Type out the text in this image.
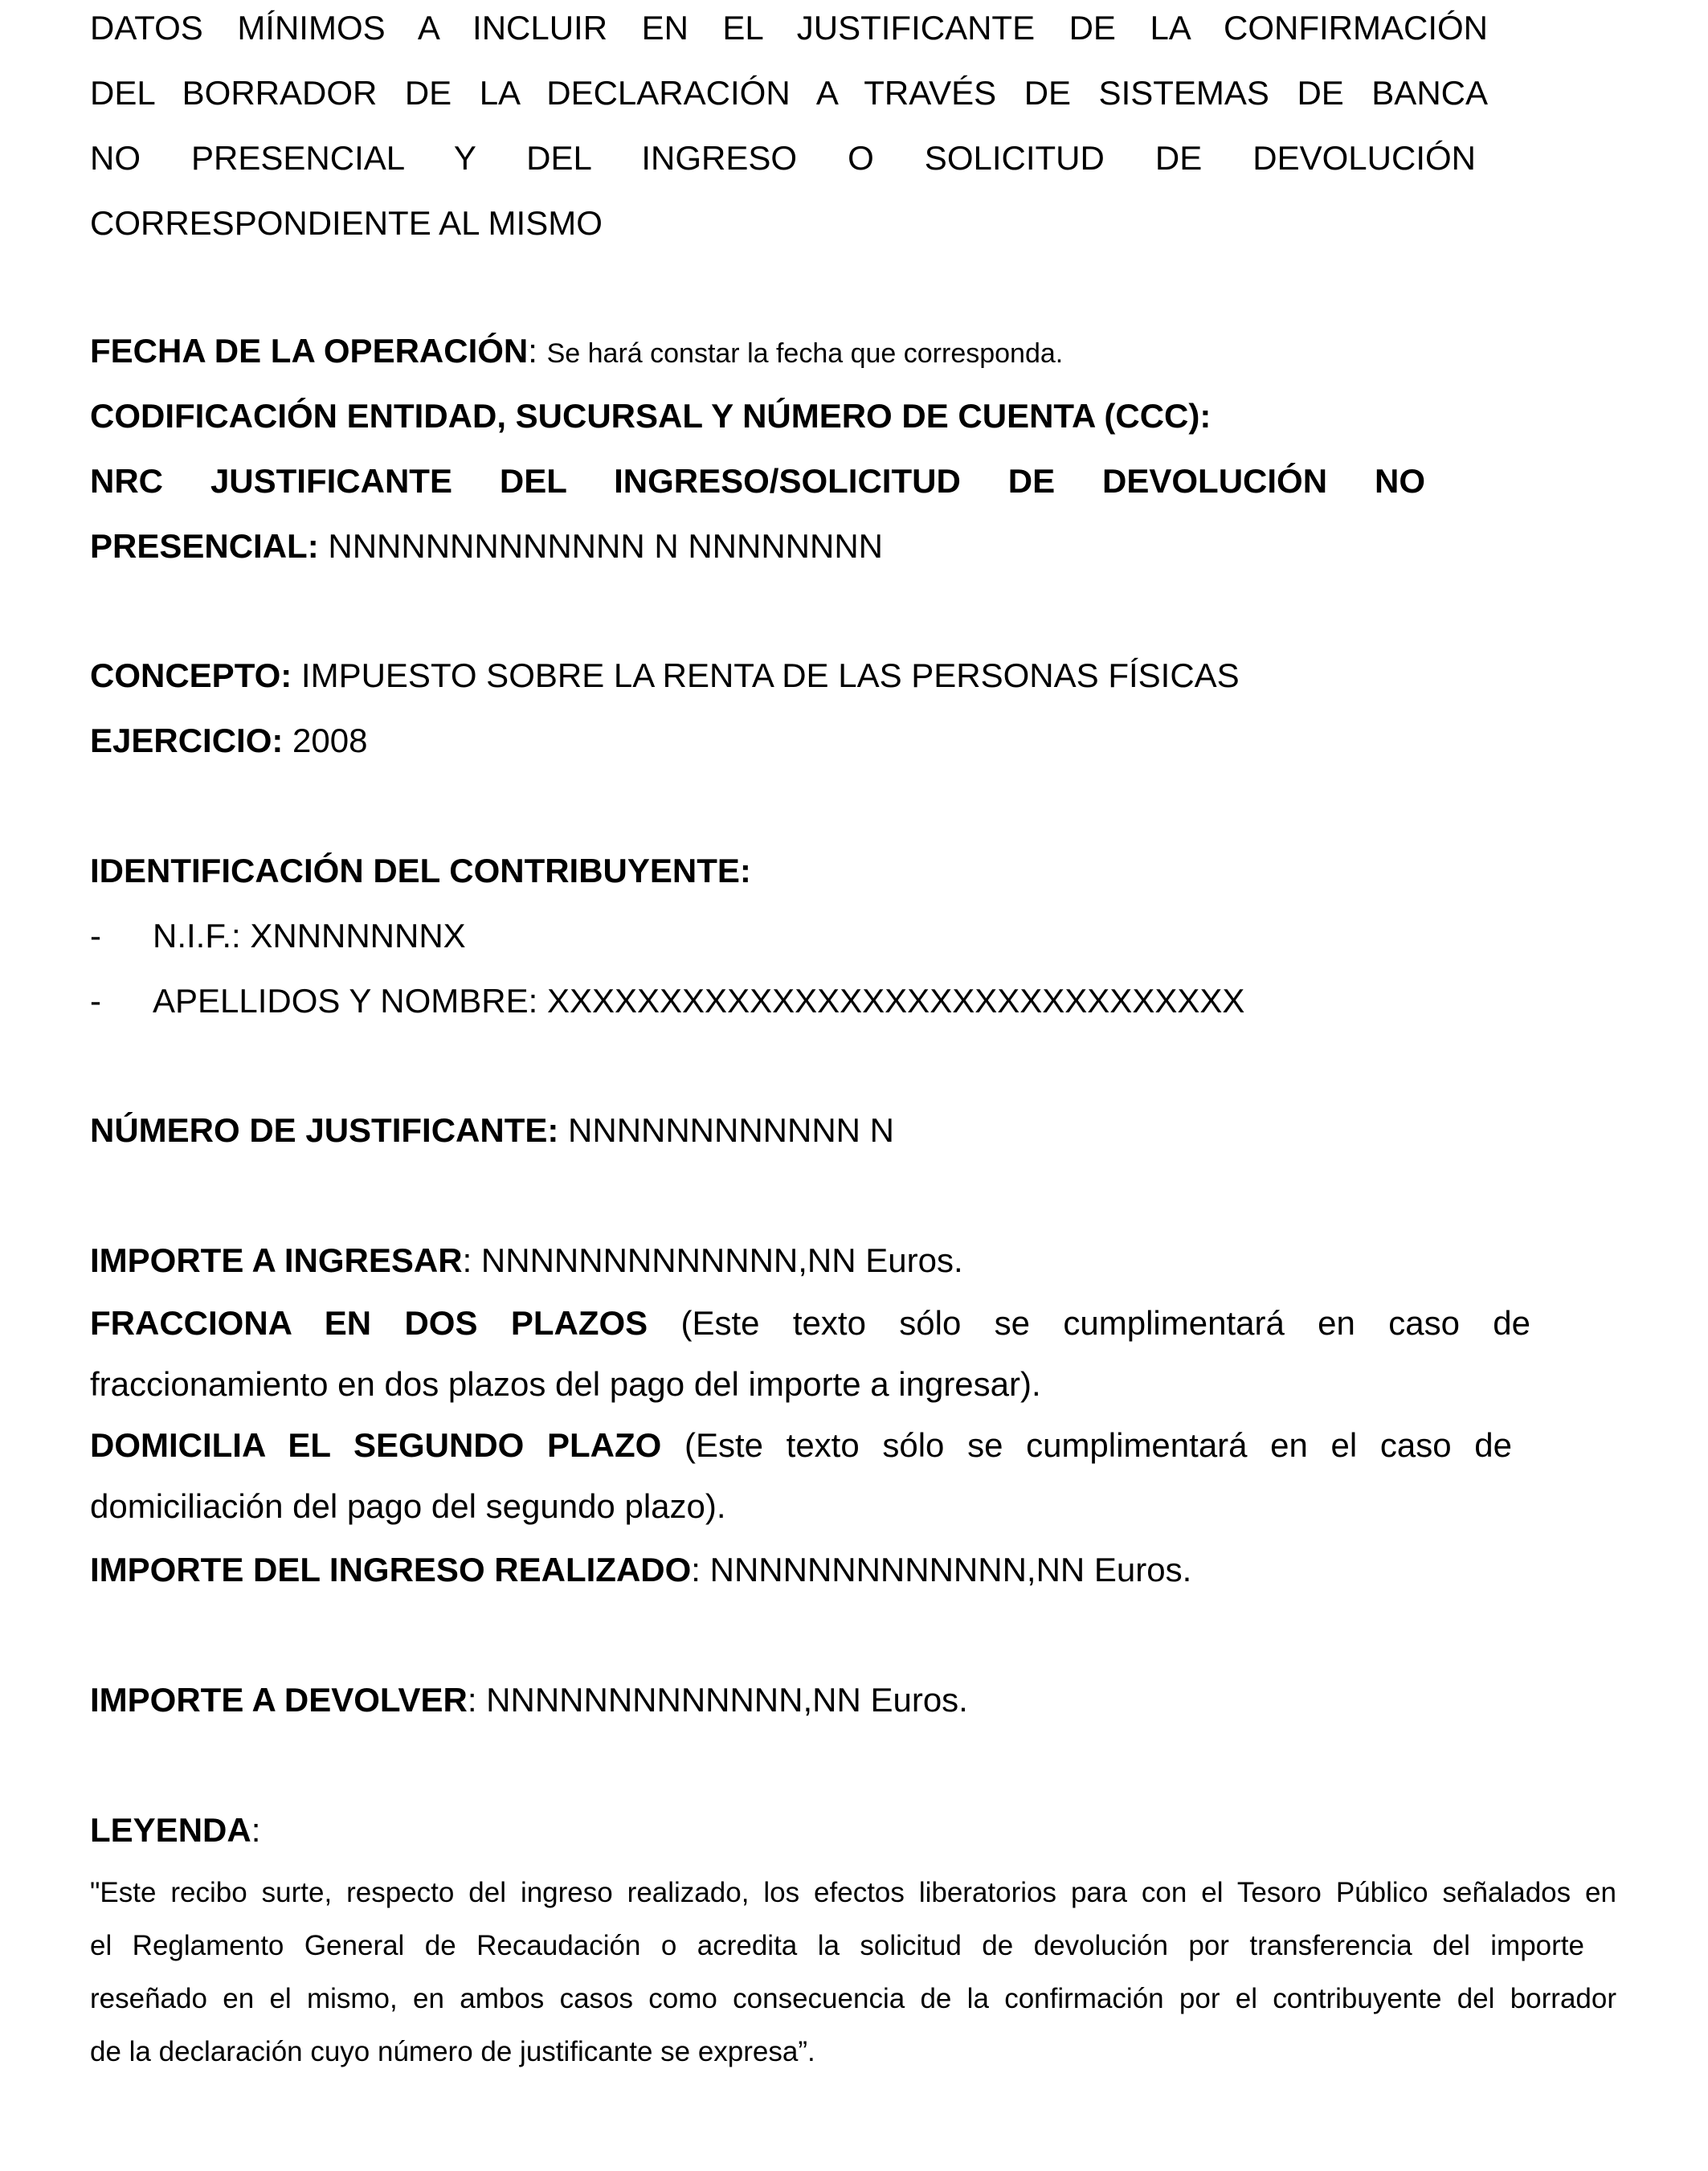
DATOS MÍNIMOS A INCLUIR EN EL JUSTIFICANTE DE LA CONFIRMACIÓN
DEL BORRADOR DE LA DECLARACIÓN A TRAVÉS DE SISTEMAS DE BANCA
NO PRESENCIAL Y DEL INGRESO O SOLICITUD DE DEVOLUCIÓN
CORRESPONDIENTE AL MISMO
FECHA DE LA OPERACIÓN: Se hará constar la fecha que corresponda.
CODIFICACIÓN ENTIDAD, SUCURSAL Y NÚMERO DE CUENTA (CCC):
NRC JUSTIFICANTE DEL INGRESO/SOLICITUD DE DEVOLUCIÓN NO
PRESENCIAL: NNNNNNNNNNNNN N NNNNNNNN
CONCEPTO: IMPUESTO SOBRE LA RENTA DE LAS PERSONAS FÍSICAS
EJERCICIO: 2008
IDENTIFICACIÓN DEL CONTRIBUYENTE:
-	N.I.F.: XNNNNNNNX
-	APELLIDOS Y NOMBRE: XXXXXXXXXXXXXXXXXXXXXXXXXXXXXXX
NÚMERO DE JUSTIFICANTE: NNNNNNNNNNNN N
IMPORTE A INGRESAR: NNNNNNNNNNNNN,NN Euros.
FRACCIONA EN DOS PLAZOS (Este texto sólo se cumplimentará en caso de
fraccionamiento en dos plazos del pago del importe a ingresar).
DOMICILIA EL SEGUNDO PLAZO (Este texto sólo se cumplimentará en el caso de
domiciliación del pago del segundo plazo).
IMPORTE DEL INGRESO REALIZADO: NNNNNNNNNNNNN,NN Euros.
IMPORTE A DEVOLVER: NNNNNNNNNNNNN,NN Euros.
LEYENDA:
"Este recibo surte, respecto del ingreso realizado, los efectos liberatorios para con el Tesoro Público señalados en
el Reglamento General de Recaudación o acredita la solicitud de devolución por transferencia del importe
reseñado en el mismo, en ambos casos como consecuencia de la confirmación por el contribuyente del borrador
de la declaración cuyo número de justificante se expresa”.
